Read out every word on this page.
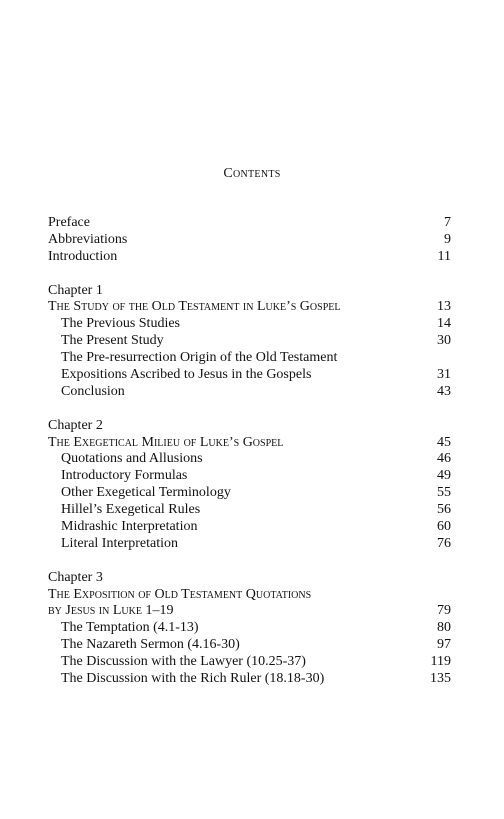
Contents
Preface	7
Abbreviations	9
Introduction	11
Chapter 1
The Study of the Old Testament in Luke’s Gospel	13
The Previous Studies	14
The Present Study	30
The Pre-resurrection Origin of the Old Testament
Expositions Ascribed to Jesus in the Gospels	31
Conclusion	43
Chapter 2
The Exegetical Milieu of Luke’s Gospel	45
Quotations and Allusions	46
Introductory Formulas	49
Other Exegetical Terminology	55
Hillel’s Exegetical Rules	56
Midrashic Interpretation	60
Literal Interpretation	76
Chapter 3
The Exposition of Old Testament Quotations
by Jesus in Luke 1–19	79
The Temptation (4.1-13)	80
The Nazareth Sermon (4.16-30)	97
The Discussion with the Lawyer (10.25-37)	119
The Discussion with the Rich Ruler (18.18-30)	135
